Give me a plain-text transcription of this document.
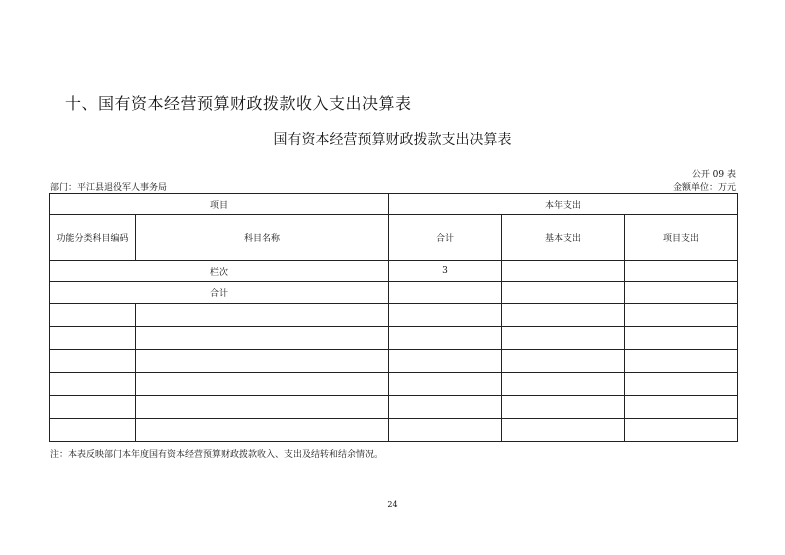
十、国有资本经营预算财政拨款收入支出决算表
国有资本经营预算财政拨款支出决算表
公开 09 表
部门：平江县退役军人事务局	金额单位：万元
项目		本年支出		
功能分类科目编码	科目名称	合计	基本支出	项目支出
栏次		3		
合计				

注：本表反映部门本年度国有资本经营预算财政拨款收入、支出及结转和结余情况。
24
